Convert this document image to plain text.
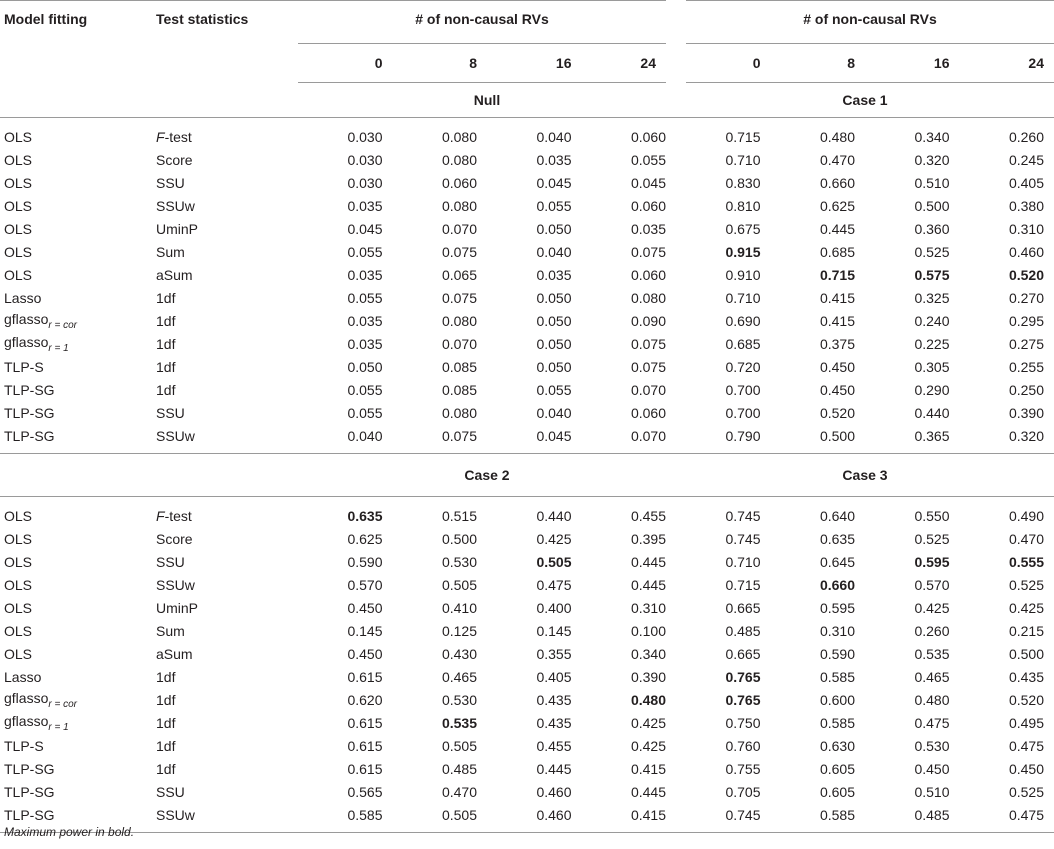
Model fitting	Test statistics	# of non-causal RVs				# of non-causal RVs			
		0	8	16	24	0	8	16	24
		Null				Case 1			

OLS	F-test	0.030	0.080	0.040	0.060	0.715	0.480	0.340	0.260
OLS	Score	0.030	0.080	0.035	0.055	0.710	0.470	0.320	0.245
OLS	SSU	0.030	0.060	0.045	0.045	0.830	0.660	0.510	0.405
OLS	SSUw	0.035	0.080	0.055	0.060	0.810	0.625	0.500	0.380
OLS	UminP	0.045	0.070	0.050	0.035	0.675	0.445	0.360	0.310
OLS	Sum	0.055	0.075	0.040	0.075	0.915	0.685	0.525	0.460
OLS	aSum	0.035	0.065	0.035	0.060	0.910	0.715	0.575	0.520
Lasso	1df	0.055	0.075	0.050	0.080	0.710	0.415	0.325	0.270
gflasso$_{r = cor}$	1df	0.035	0.080	0.050	0.090	0.690	0.415	0.240	0.295
gflasso$_{r = 1}$	1df	0.035	0.070	0.050	0.075	0.685	0.375	0.225	0.275
TLP-S	1df	0.050	0.085	0.050	0.075	0.720	0.450	0.305	0.255
TLP-SG	1df	0.055	0.085	0.055	0.070	0.700	0.450	0.290	0.250
TLP-SG	SSU	0.055	0.080	0.040	0.060	0.700	0.520	0.440	0.390
TLP-SG	SSUw	0.040	0.075	0.045	0.070	0.790	0.500	0.365	0.320

		Case 2				Case 3			

OLS	F-test	0.635	0.515	0.440	0.455	0.745	0.640	0.550	0.490
OLS	Score	0.625	0.500	0.425	0.395	0.745	0.635	0.525	0.470
OLS	SSU	0.590	0.530	0.505	0.445	0.710	0.645	0.595	0.555
OLS	SSUw	0.570	0.505	0.475	0.445	0.715	0.660	0.570	0.525
OLS	UminP	0.450	0.410	0.400	0.310	0.665	0.595	0.425	0.425
OLS	Sum	0.145	0.125	0.145	0.100	0.485	0.310	0.260	0.215
OLS	aSum	0.450	0.430	0.355	0.340	0.665	0.590	0.535	0.500
Lasso	1df	0.615	0.465	0.405	0.390	0.765	0.585	0.465	0.435
gflasso$_{r = cor}$	1df	0.620	0.530	0.435	0.480	0.765	0.600	0.480	0.520
gflasso$_{r = 1}$	1df	0.615	0.535	0.435	0.425	0.750	0.585	0.475	0.495
TLP-S	1df	0.615	0.505	0.455	0.425	0.760	0.630	0.530	0.475
TLP-SG	1df	0.615	0.485	0.445	0.415	0.755	0.605	0.450	0.450
TLP-SG	SSU	0.565	0.470	0.460	0.445	0.705	0.605	0.510	0.525
TLP-SG	SSUw	0.585	0.505	0.460	0.415	0.745	0.585	0.485	0.475

Maximum power in bold.
